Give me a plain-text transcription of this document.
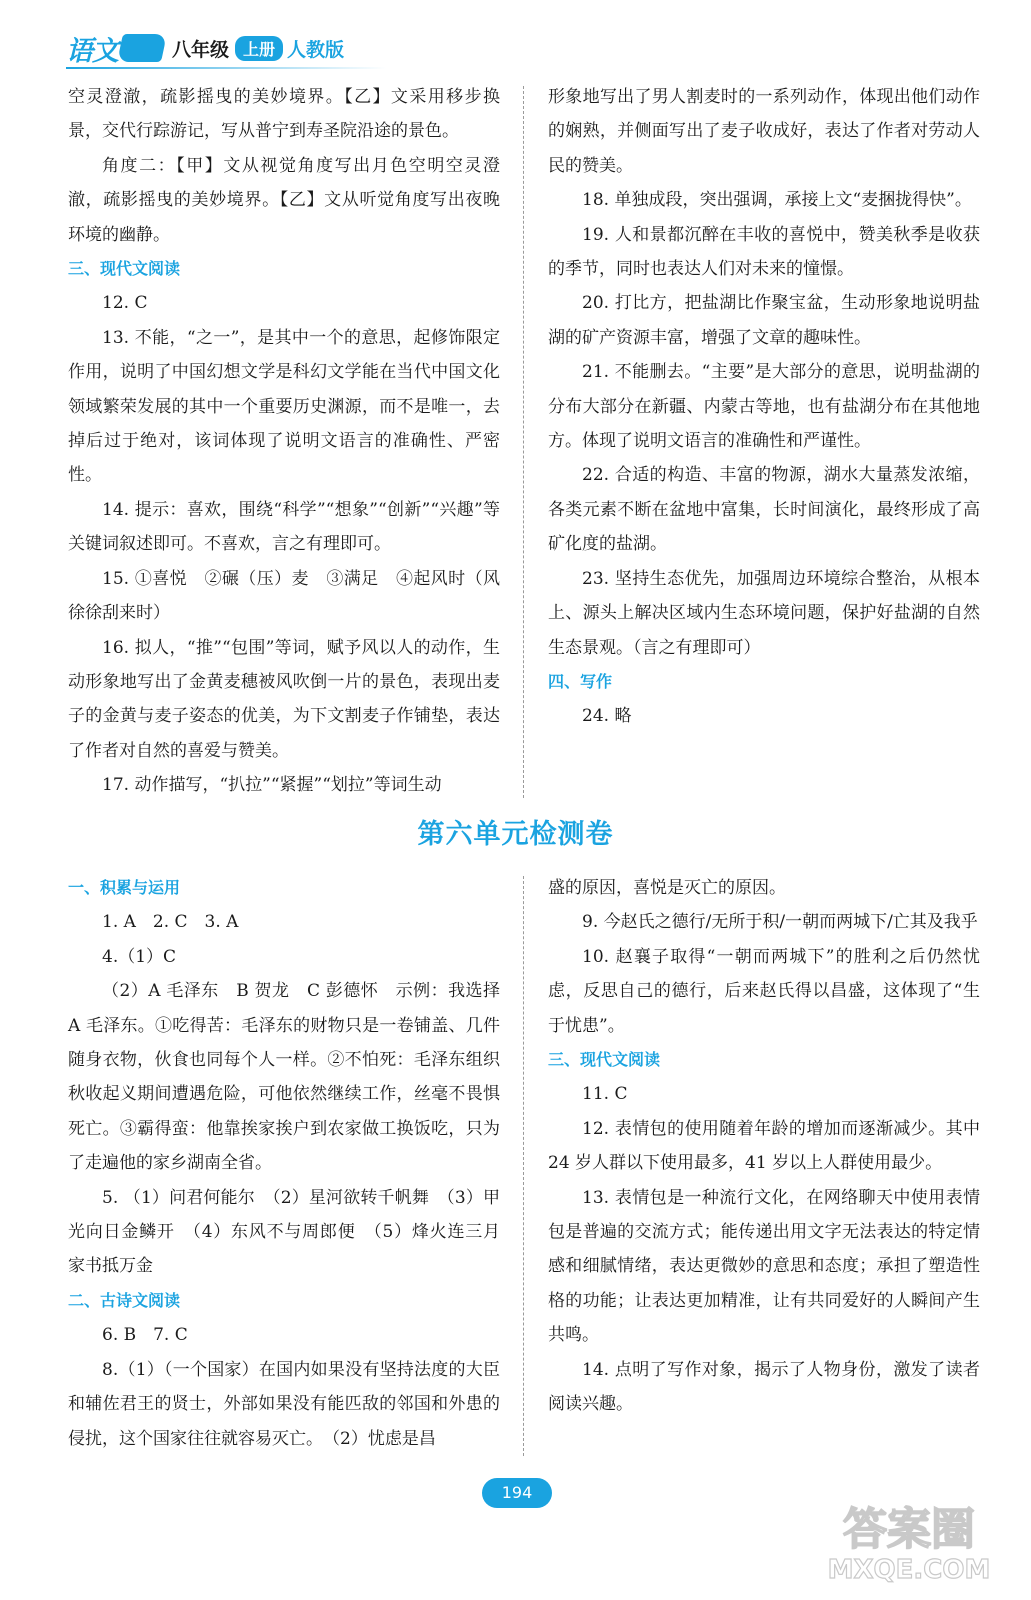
语文	八年级 上册 人教版

空灵澄澈，疏影摇曳的美妙境界。【乙】文采用移步换景，交代行踪游记，写从普宁到寿圣院沿途的景色。

角度二：【甲】文从视觉角度写出月色空明空灵澄澈，疏影摇曳的美妙境界。【乙】文从听觉角度写出夜晚环境的幽静。

三、现代文阅读

12. C

13. 不能，“之一”，是其中一个的意思，起修饰限定作用，说明了中国幻想文学是科幻文学能在当代中国文化领域繁荣发展的其中一个重要历史渊源，而不是唯一，去掉后过于绝对，该词体现了说明文语言的准确性、严密性。

14. 提示：喜欢，围绕“科学”“想象”“创新”“兴趣”等关键词叙述即可。不喜欢，言之有理即可。

15. ①喜悦　②碾（压）麦　③满足　④起风时（风徐徐刮来时）

16. 拟人，“推”“包围”等词，赋予风以人的动作，生动形象地写出了金黄麦穗被风吹倒一片的景色，表现出麦子的金黄与麦子姿态的优美，为下文割麦子作铺垫，表达了作者对自然的喜爱与赞美。

17. 动作描写，“扒拉”“紧握”“划拉”等词生动

形象地写出了男人割麦时的一系列动作，体现出他们动作的娴熟，并侧面写出了麦子收成好，表达了作者对劳动人民的赞美。

18. 单独成段，突出强调，承接上文“麦捆拢得快”。

19. 人和景都沉醉在丰收的喜悦中，赞美秋季是收获的季节，同时也表达人们对未来的憧憬。

20. 打比方，把盐湖比作聚宝盆，生动形象地说明盐湖的矿产资源丰富，增强了文章的趣味性。

21. 不能删去。“主要”是大部分的意思，说明盐湖的分布大部分在新疆、内蒙古等地，也有盐湖分布在其他地方。体现了说明文语言的准确性和严谨性。

22. 合适的构造、丰富的物源，湖水大量蒸发浓缩，各类元素不断在盆地中富集，长时间演化，最终形成了高矿化度的盐湖。

23. 坚持生态优先，加强周边环境综合整治，从根本上、源头上解决区域内生态环境问题，保护好盐湖的自然生态景观。（言之有理即可）

四、写作

24. 略

第六单元检测卷

一、积累与运用

1. A　2. C　3. A

4.（1）C

（2）A 毛泽东　B 贺龙　C 彭德怀　示例：我选择 A 毛泽东。①吃得苦：毛泽东的财物只是一卷铺盖、几件随身衣物，伙食也同每个人一样。②不怕死：毛泽东组织秋收起义期间遭遇危险，可他依然继续工作，丝毫不畏惧死亡。③霸得蛮：他靠挨家挨户到农家做工换饭吃，只为了走遍他的家乡湖南全省。

5. （1）问君何能尔　（2）星河欲转千帆舞　（3）甲光向日金鳞开　（4）东风不与周郎便　（5）烽火连三月　家书抵万金

二、古诗文阅读

6. B　7. C

8.（1）（一个国家）在国内如果没有坚持法度的大臣和辅佐君王的贤士，外部如果没有能匹敌的邻国和外患的侵扰，这个国家往往就容易灭亡。　（2）忧虑是昌

盛的原因，喜悦是灭亡的原因。

9. 今赵氏之德行/无所于积/一朝而两城下/亡其及我乎

10. 赵襄子取得“一朝而两城下”的胜利之后仍然忧虑，反思自己的德行，后来赵氏得以昌盛，这体现了“生于忧患”。

三、现代文阅读

11. C

12. 表情包的使用随着年龄的增加而逐渐减少。其中 24 岁人群以下使用最多，41 岁以上人群使用最少。

13. 表情包是一种流行文化，在网络聊天中使用表情包是普遍的交流方式；能传递出用文字无法表达的特定情感和细腻情绪，表达更微妙的意思和态度；承担了塑造性格的功能；让表达更加精准，让有共同爱好的人瞬间产生共鸣。

14. 点明了写作对象，揭示了人物身份，激发了读者阅读兴趣。

194
答案圈
MXQE.COM
